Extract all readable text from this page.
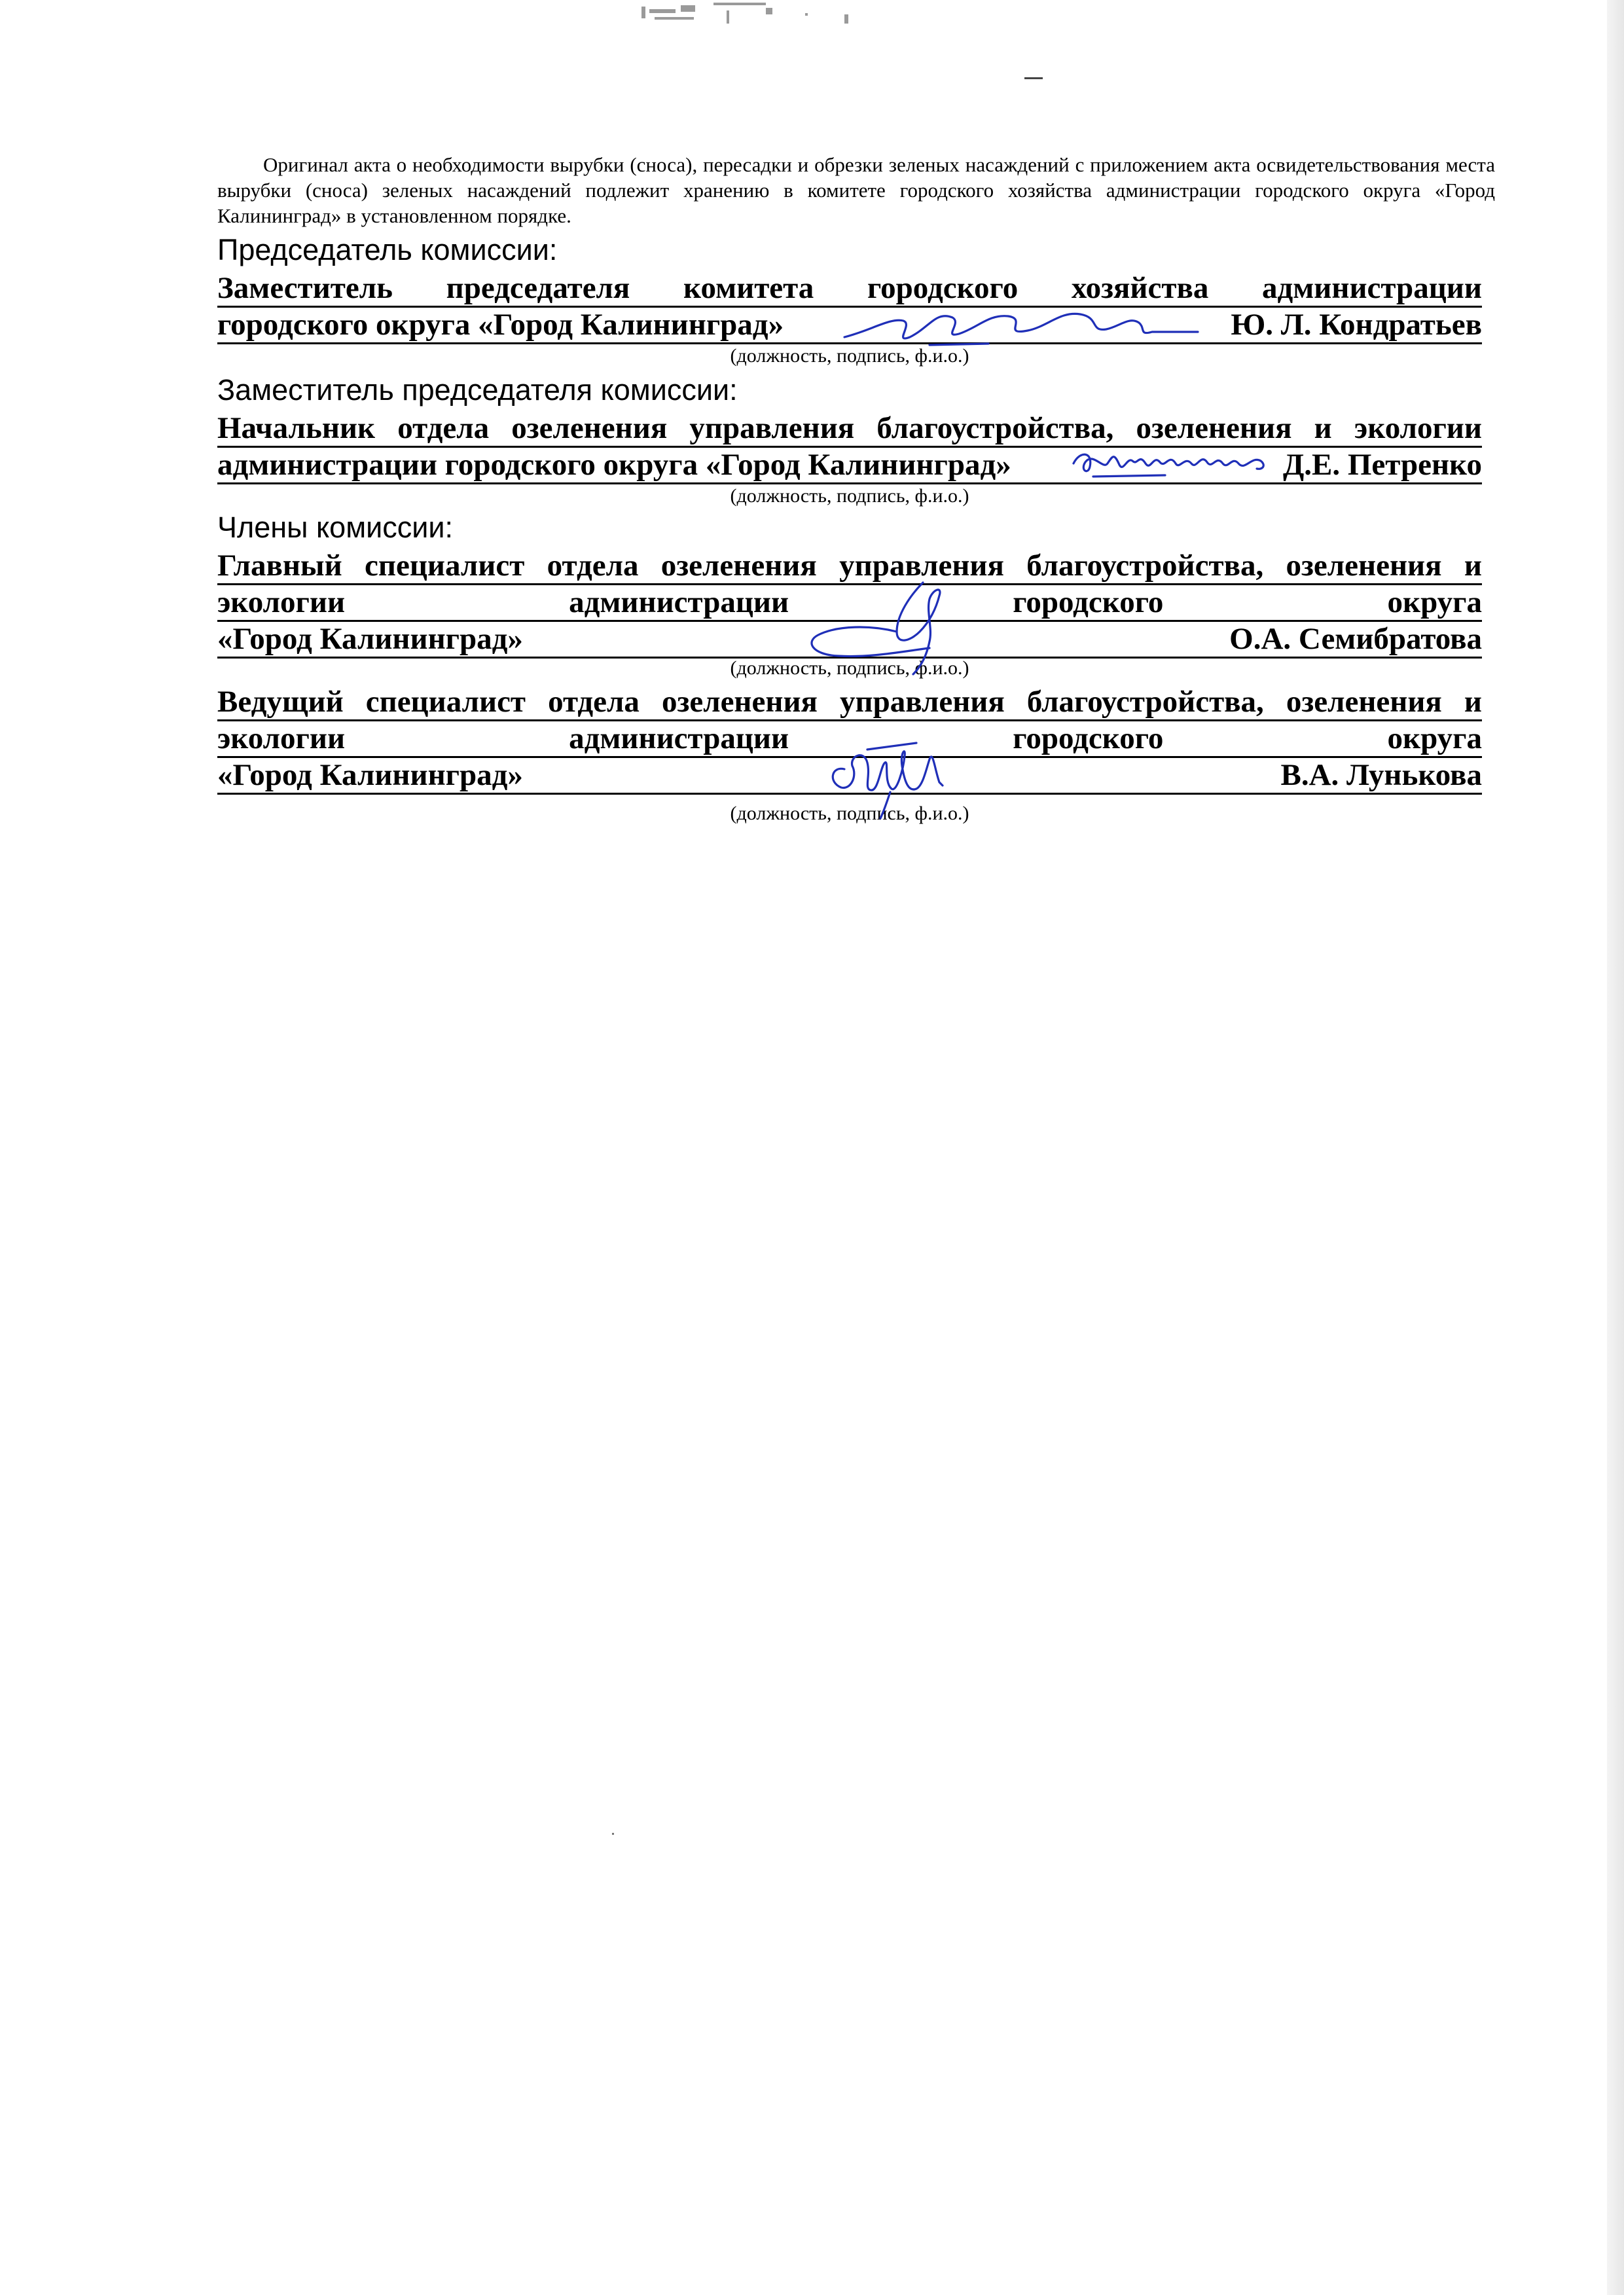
Оригинал акта о необходимости вырубки (сноса), пересадки и обрезки зеленых насаждений с приложением акта освидетельствования места вырубки (сноса) зеленых насаждений подлежит хранению в комитете городского хозяйства администрации городского округа «Город Калининград» в установленном порядке.
Председатель комиссии:
Заместитель председателя комитета городского хозяйства администрации
городского округа «Город Калининград»	Ю. Л. Кондратьев
(должность, подпись, ф.и.о.)
Заместитель председателя комиссии:
Начальник отдела озеленения управления благоустройства, озеленения и экологии
администрации городского округа «Город Калининград»	Д.Е. Петренко
(должность, подпись, ф.и.о.)
Члены комиссии:
Главный специалист отдела озеленения управления благоустройства, озеленения и
экологии	администрации	городского	округа
«Город Калининград»	О.А. Семибратова
(должность, подпись, ф.и.о.)
Ведущий специалист отдела озеленения управления благоустройства, озеленения и
экологии	администрации	городского	округа
«Город Калининград»	В.А. Лунькова
(должность, подпись, ф.и.о.)
